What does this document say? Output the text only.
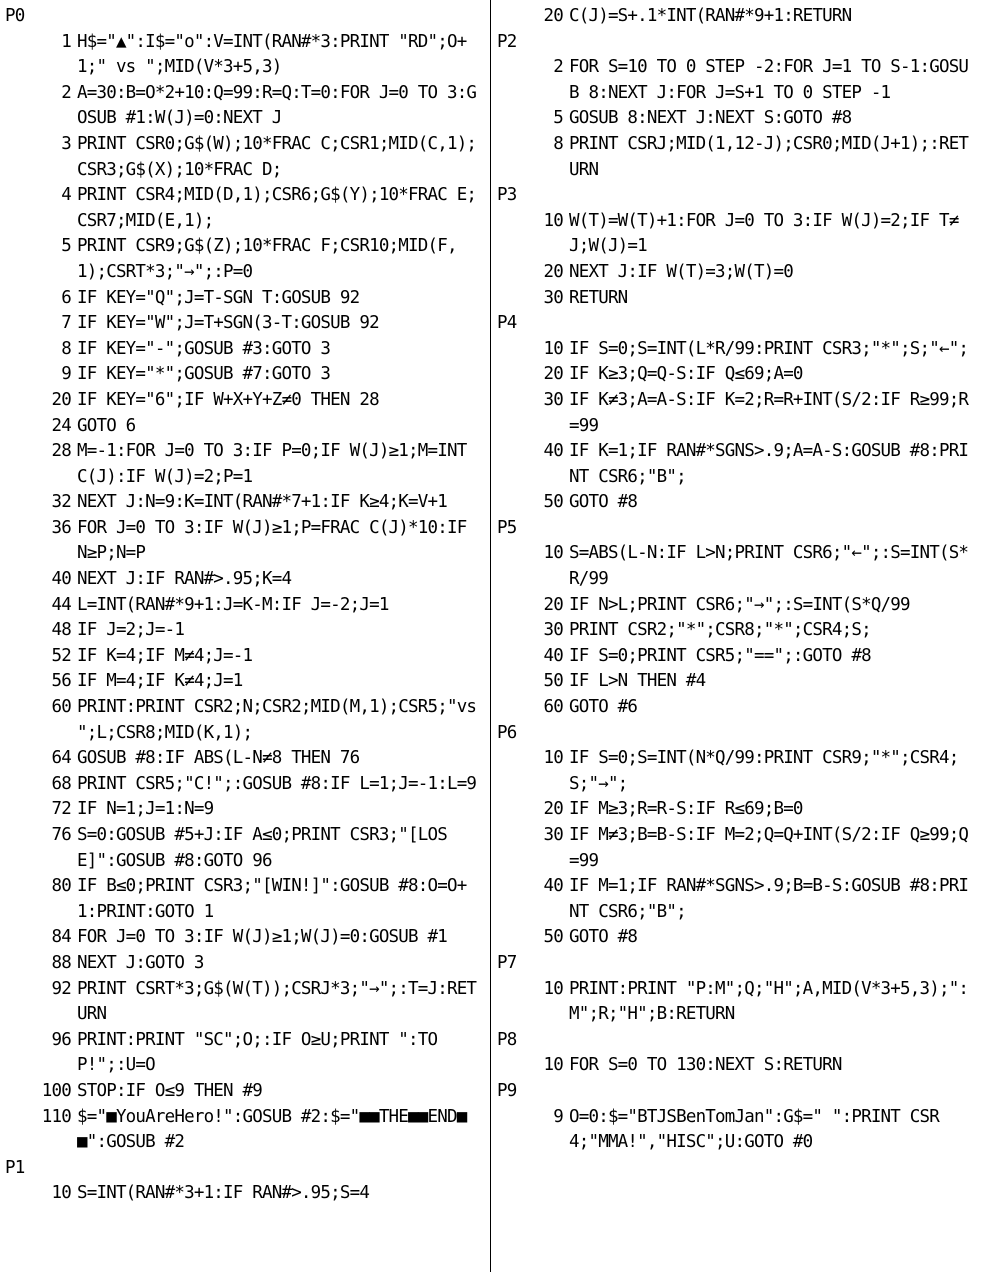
P0
1 H$="▲":I$="o":V=INT(RAN#*3:PRINT "RD";O+1;" vs ";MID(V*3+5,3)
2 A=30:B=O*2+10:Q=99:R=Q:T=0:FOR J=0 TO 3:GOSUB #1:W(J)=0:NEXT J
3 PRINT CSR0;G$(W);10*FRAC C;CSR1;MID(C,1);CSR3;G$(X);10*FRAC D;
4 PRINT CSR4;MID(D,1);CSR6;G$(Y);10*FRAC E;CSR7;MID(E,1);
5 PRINT CSR9;G$(Z);10*FRAC F;CSR10;MID(F,1);CSRT*3;"→";:P=0
6 IF KEY="Q";J=T-SGN T:GOSUB 92
7 IF KEY="W";J=T+SGN(3-T:GOSUB 92
8 IF KEY="-";GOSUB #3:GOTO 3
9 IF KEY="*";GOSUB #7:GOTO 3
20 IF KEY="6";IF W+X+Y+Z≠0 THEN 28
24 GOTO 6
28 M=-1:FOR J=0 TO 3:IF P=0;IF W(J)≥1;M=INT C(J):IF W(J)=2;P=1
32 NEXT J:N=9:K=INT(RAN#*7+1:IF K≥4;K=V+1
36 FOR J=0 TO 3:IF W(J)≥1;P=FRAC C(J)*10:IF N≥P;N=P
40 NEXT J:IF RAN#>.95;K=4
44 L=INT(RAN#*9+1:J=K-M:IF J=-2;J=1
48 IF J=2;J=-1
52 IF K=4;IF M≠4;J=-1
56 IF M=4;IF K≠4;J=1
60 PRINT:PRINT CSR2;N;CSR2;MID(M,1);CSR5;"vs ";L;CSR8;MID(K,1);
64 GOSUB #8:IF ABS(L-N≠8 THEN 76
68 PRINT CSR5;"C!";:GOSUB #8:IF L=1;J=-1:L=9
72 IF N=1;J=1:N=9
76 S=0:GOSUB #5+J:IF A≤0;PRINT CSR3;"[LOSE]":GOSUB #8:GOTO 96
80 IF B≤0;PRINT CSR3;"[WIN!]":GOSUB #8:O=O+1:PRINT:GOTO 1
84 FOR J=0 TO 3:IF W(J)≥1;W(J)=0:GOSUB #1
88 NEXT J:GOTO 3
92 PRINT CSRT*3;G$(W(T));CSRJ*3;"→";:T=J:RETURN
96 PRINT:PRINT "SC";O;:IF O≥U;PRINT ":TOP!";:U=O
100 STOP:IF O≤9 THEN #9
110 $="■YouAreHero!":GOSUB #2:$="■■THE■■END■■":GOSUB #2
P1
10 S=INT(RAN#*3+1:IF RAN#>.95;S=4
20 C(J)=S+.1*INT(RAN#*9+1:RETURN
P2
2 FOR S=10 TO 0 STEP -2:FOR J=1 TO S-1:GOSUB 8:NEXT J:FOR J=S+1 TO 0 STEP -1
5 GOSUB 8:NEXT J:NEXT S:GOTO #8
8 PRINT CSRJ;MID(1,12-J);CSR0;MID(J+1);:RETURN
P3
10 W(T)=W(T)+1:FOR J=0 TO 3:IF W(J)=2;IF T≠J;W(J)=1
20 NEXT J:IF W(T)=3;W(T)=0
30 RETURN
P4
10 IF S=0;S=INT(L*R/99:PRINT CSR3;"*";S;"←";
20 IF K≥3;Q=Q-S:IF Q≤69;A=0
30 IF K≠3;A=A-S:IF K=2;R=R+INT(S/2:IF R≥99;R=99
40 IF K=1;IF RAN#*SGNS>.9;A=A-S:GOSUB #8:PRINT CSR6;"B";
50 GOTO #8
P5
10 S=ABS(L-N:IF L>N;PRINT CSR6;"←";:S=INT(S*R/99
20 IF N>L;PRINT CSR6;"→";:S=INT(S*Q/99
30 PRINT CSR2;"*";CSR8;"*";CSR4;S;
40 IF S=0;PRINT CSR5;"==";:GOTO #8
50 IF L>N THEN #4
60 GOTO #6
P6
10 IF S=0;S=INT(N*Q/99:PRINT CSR9;"*";CSR4;S;"→";
20 IF M≥3;R=R-S:IF R≤69;B=0
30 IF M≠3;B=B-S:IF M=2;Q=Q+INT(S/2:IF Q≥99;Q=99
40 IF M=1;IF RAN#*SGNS>.9;B=B-S:GOSUB #8:PRINT CSR6;"B";
50 GOTO #8
P7
10 PRINT:PRINT "P:M";Q;"H";A,MID(V*3+5,3);":M";R;"H";B:RETURN
P8
10 FOR S=0 TO 130:NEXT S:RETURN
P9
9 O=0:$="BTJSBenTomJan":G$=" ":PRINT CSR4;"MMA!","HISC";U:GOTO #0
